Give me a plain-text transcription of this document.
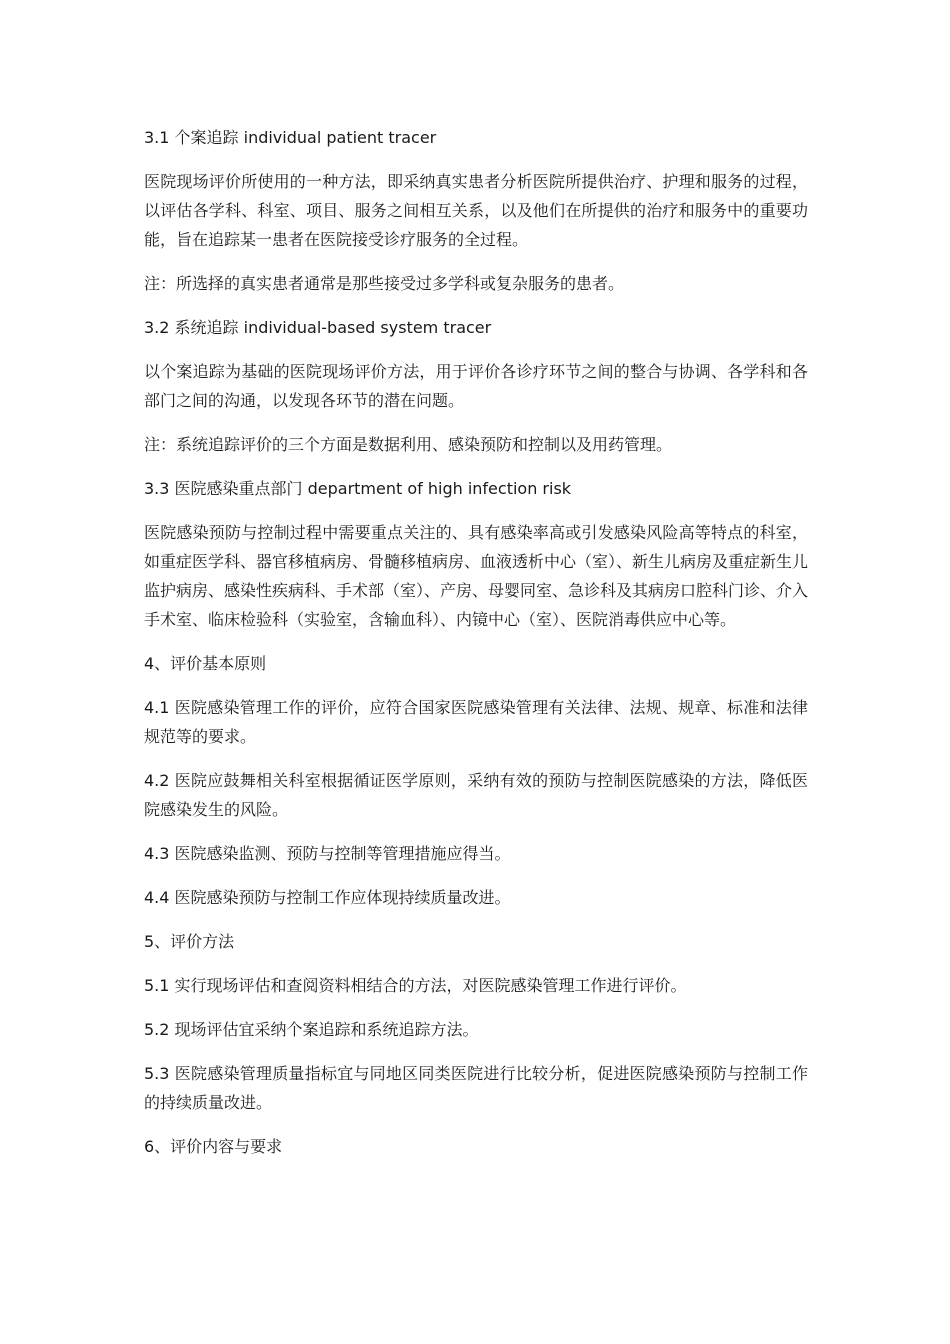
3.1 个案追踪 individual patient tracer

医院现场评价所使用的一种方法，即采纳真实患者分析医院所提供治疗、护理和服务的过程，以评估各学科、科室、项目、服务之间相互关系，以及他们在所提供的治疗和服务中的重要功能，旨在追踪某一患者在医院接受诊疗服务的全过程。

注：所选择的真实患者通常是那些接受过多学科或复杂服务的患者。

3.2 系统追踪 individual-based system tracer

以个案追踪为基础的医院现场评价方法，用于评价各诊疗环节之间的整合与协调、各学科和各部门之间的沟通，以发现各环节的潜在问题。

注：系统追踪评价的三个方面是数据利用、感染预防和控制以及用药管理。

3.3 医院感染重点部门 department of high infection risk

医院感染预防与控制过程中需要重点关注的、具有感染率高或引发感染风险高等特点的科室，如重症医学科、器官移植病房、骨髓移植病房、血液透析中心（室）、新生儿病房及重症新生儿监护病房、感染性疾病科、手术部（室）、产房、母婴同室、急诊科及其病房口腔科门诊、介入手术室、临床检验科（实验室，含输血科）、内镜中心（室）、医院消毒供应中心等。

4、评价基本原则

4.1 医院感染管理工作的评价，应符合国家医院感染管理有关法律、法规、规章、标准和法律规范等的要求。

4.2 医院应鼓舞相关科室根据循证医学原则，采纳有效的预防与控制医院感染的方法，降低医院感染发生的风险。

4.3 医院感染监测、预防与控制等管理措施应得当。

4.4 医院感染预防与控制工作应体现持续质量改进。

5、评价方法

5.1 实行现场评估和查阅资料相结合的方法，对医院感染管理工作进行评价。

5.2 现场评估宜采纳个案追踪和系统追踪方法。

5.3 医院感染管理质量指标宜与同地区同类医院进行比较分析，促进医院感染预防与控制工作的持续质量改进。

6、评价内容与要求
